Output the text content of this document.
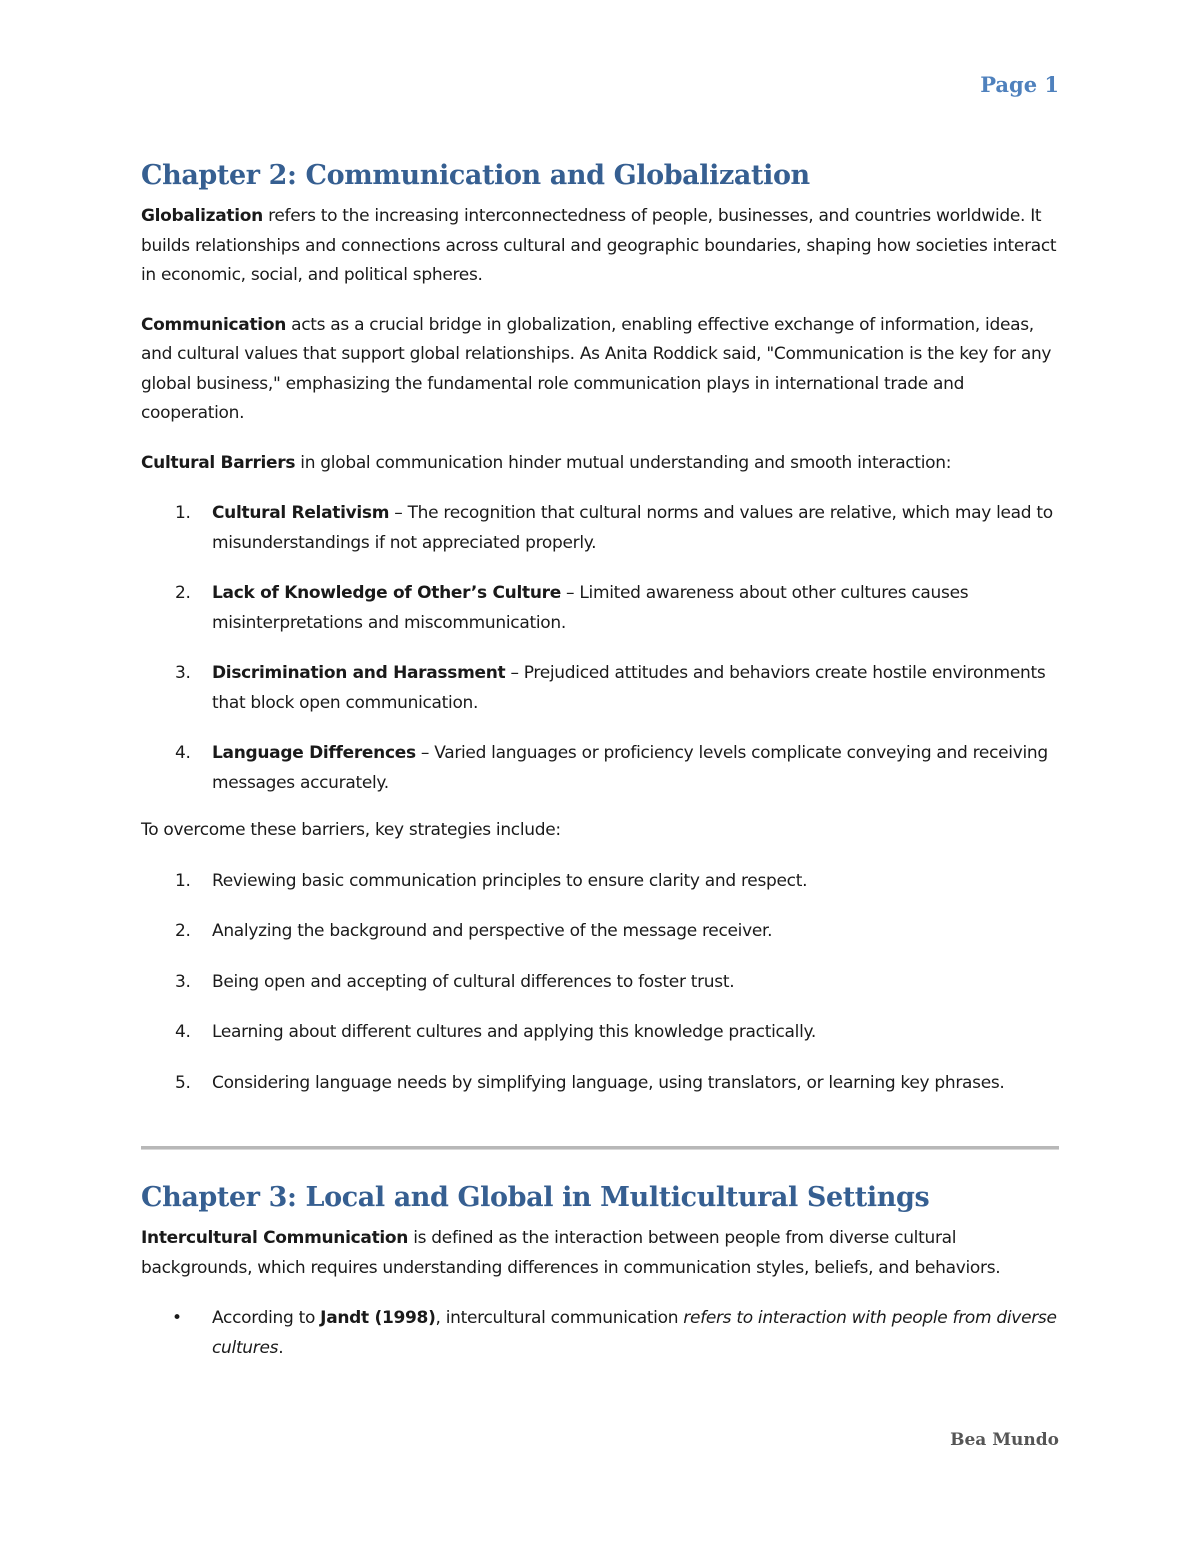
Page 1
Chapter 2: Communication and Globalization

Globalization refers to the increasing interconnectedness of people, businesses, and countries worldwide. It builds relationships and connections across cultural and geographic boundaries, shaping how societies interact in economic, social, and political spheres.

Communication acts as a crucial bridge in globalization, enabling effective exchange of information, ideas, and cultural values that support global relationships. As Anita Roddick said, "Communication is the key for any global business," emphasizing the fundamental role communication plays in international trade and cooperation.

Cultural Barriers in global communication hinder mutual understanding and smooth interaction:

1. Cultural Relativism – The recognition that cultural norms and values are relative, which may lead to misunderstandings if not appreciated properly.
2. Lack of Knowledge of Other’s Culture – Limited awareness about other cultures causes misinterpretations and miscommunication.
3. Discrimination and Harassment – Prejudiced attitudes and behaviors create hostile environments that block open communication.
4. Language Differences – Varied languages or proficiency levels complicate conveying and receiving messages accurately.

To overcome these barriers, key strategies include:

1. Reviewing basic communication principles to ensure clarity and respect.
2. Analyzing the background and perspective of the message receiver.
3. Being open and accepting of cultural differences to foster trust.
4. Learning about different cultures and applying this knowledge practically.
5. Considering language needs by simplifying language, using translators, or learning key phrases.
Chapter 3: Local and Global in Multicultural Settings

Intercultural Communication is defined as the interaction between people from diverse cultural backgrounds, which requires understanding differences in communication styles, beliefs, and behaviors.

• According to Jandt (1998), intercultural communication refers to interaction with people from diverse cultures.
Bea Mundo
